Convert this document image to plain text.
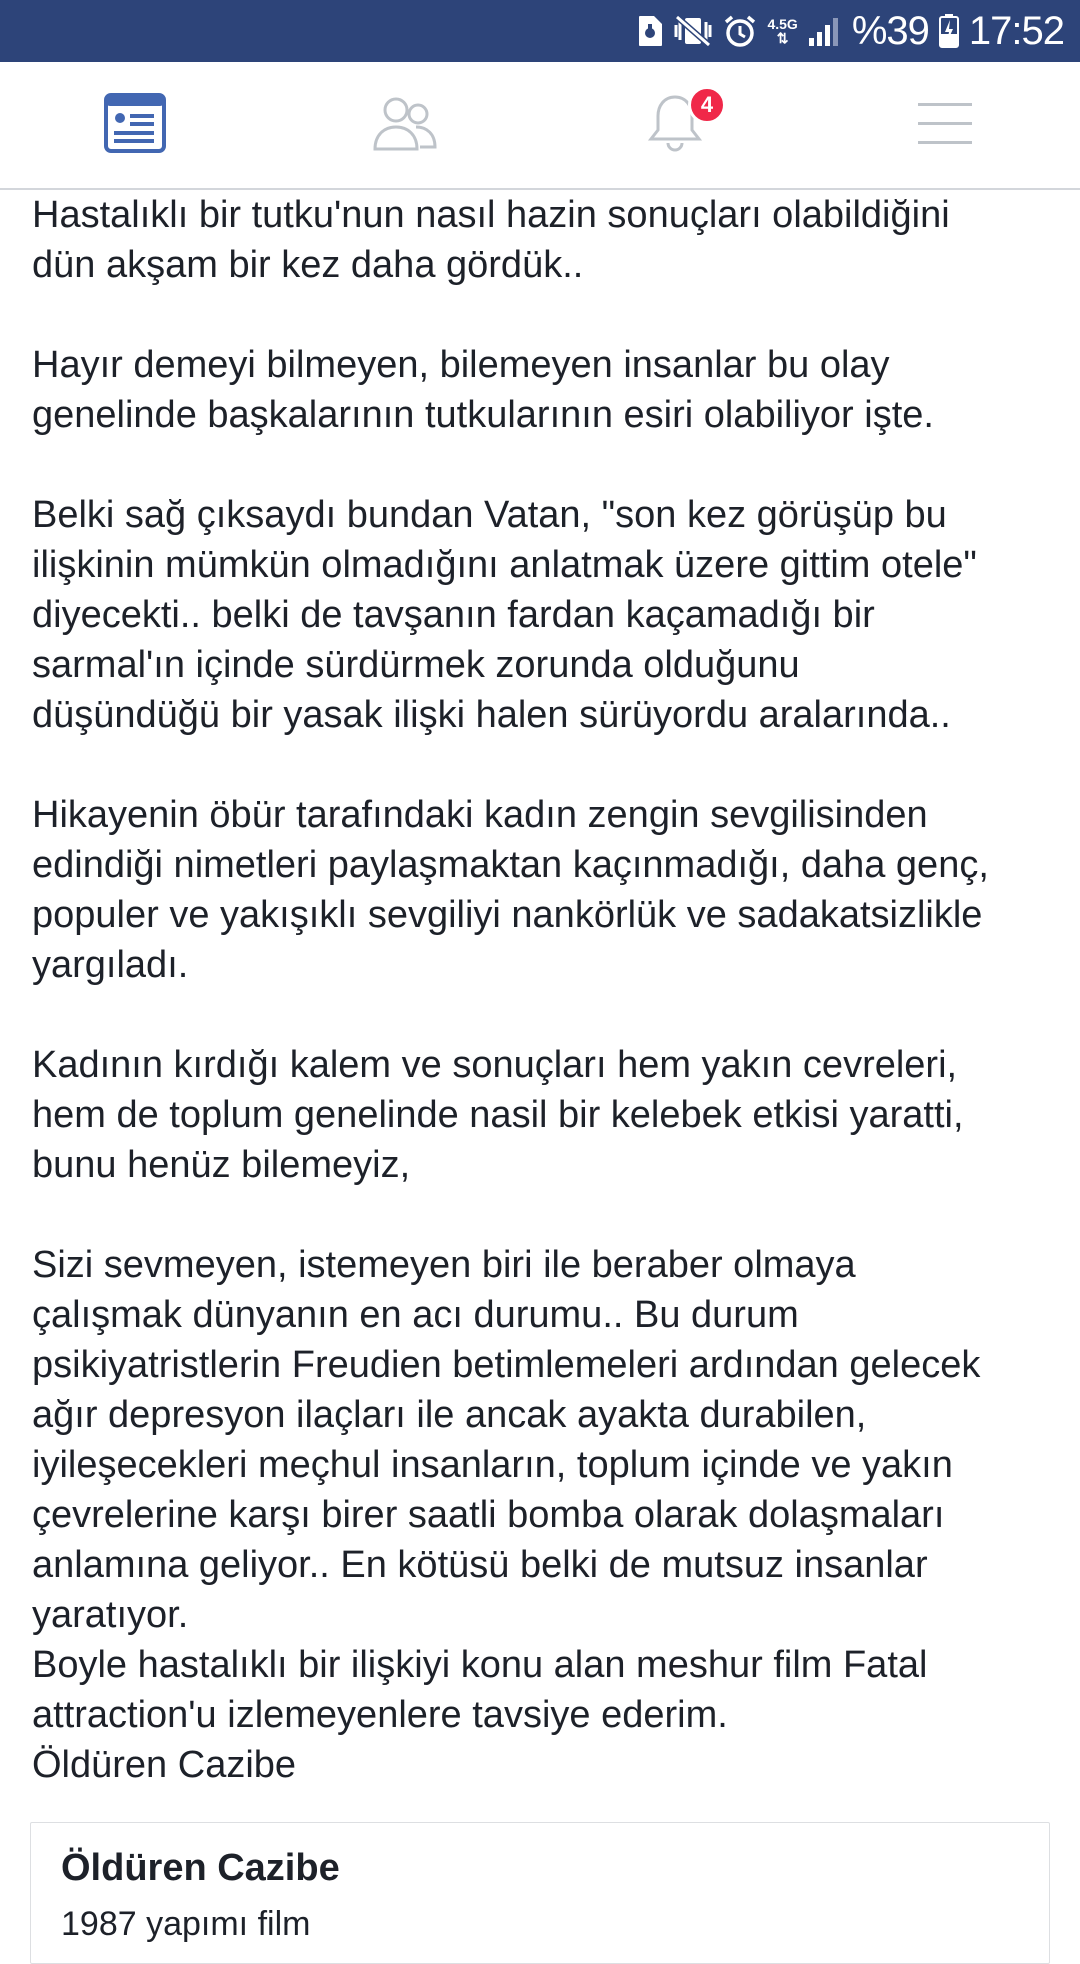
4.5G
⇅ %39 17:52
4

Hastalıklı bir tutku'nun nasıl hazin sonuçları olabildiğini

dün akşam bir kez daha gördük..

Hayır demeyi bilmeyen, bilemeyen insanlar bu olay

genelinde başkalarının tutkularının esiri olabiliyor işte.

Belki sağ çıksaydı bundan Vatan, "son kez görüşüp bu

ilişkinin mümkün olmadığını anlatmak üzere gittim otele"

diyecekti.. belki de tavşanın fardan kaçamadığı bir

sarmal'ın içinde sürdürmek zorunda olduğunu

düşündüğü bir yasak ilişki halen sürüyordu aralarında..

Hikayenin öbür tarafındaki kadın zengin sevgilisinden

edindiği nimetleri paylaşmaktan kaçınmadığı, daha genç,

populer ve yakışıklı sevgiliyi nankörlük ve sadakatsizlikle

yargıladı.

Kadının kırdığı kalem ve sonuçları hem yakın cevreleri,

hem de toplum genelinde nasil bir kelebek etkisi yaratti,

bunu henüz bilemeyiz,

Sizi sevmeyen, istemeyen biri ile beraber olmaya

çalışmak dünyanın en acı durumu.. Bu durum

psikiyatristlerin Freudien betimlemeleri ardından gelecek

ağır depresyon ilaçları ile ancak ayakta durabilen,

iyileşecekleri meçhul insanların, toplum içinde ve yakın

çevrelerine karşı birer saatli bomba olarak dolaşmaları

anlamına geliyor.. En kötüsü belki de mutsuz insanlar

yaratıyor.

Boyle hastalıklı bir ilişkiyi konu alan meshur film Fatal

attraction'u izlemeyenlere tavsiye ederim.

Öldüren Cazibe

Öldüren Cazibe
1987 yapımı film
